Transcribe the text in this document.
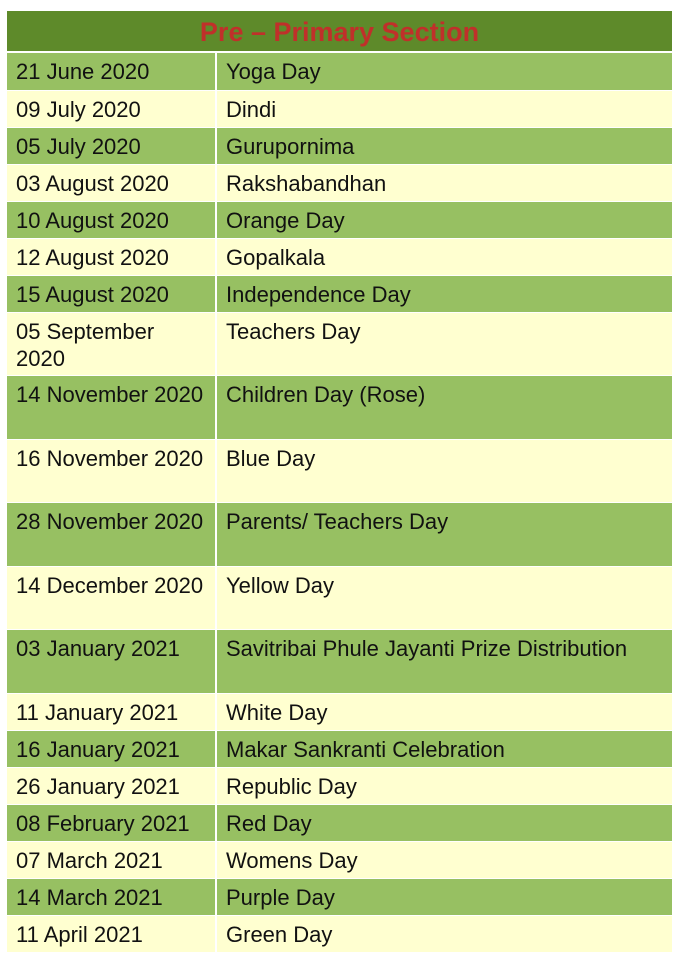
Pre – Primary Section
21 June 2020	Yoga Day
09 July 2020	Dindi
05 July 2020	Gurupornima
03 August 2020	Rakshabandhan
10 August 2020	Orange Day
12 August 2020	Gopalkala
15 August 2020	Independence Day
05 September 2020	Teachers Day
14 November 2020	Children Day (Rose)
16 November 2020	Blue Day
28 November 2020	Parents/ Teachers Day
14 December 2020	Yellow Day
03 January 2021	Savitribai Phule Jayanti Prize Distribution
11 January 2021	White Day
16 January 2021	Makar Sankranti Celebration
26 January 2021	Republic Day
08 February 2021	Red Day
07 March 2021	Womens Day
14 March 2021	Purple Day
11 April 2021	Green Day
